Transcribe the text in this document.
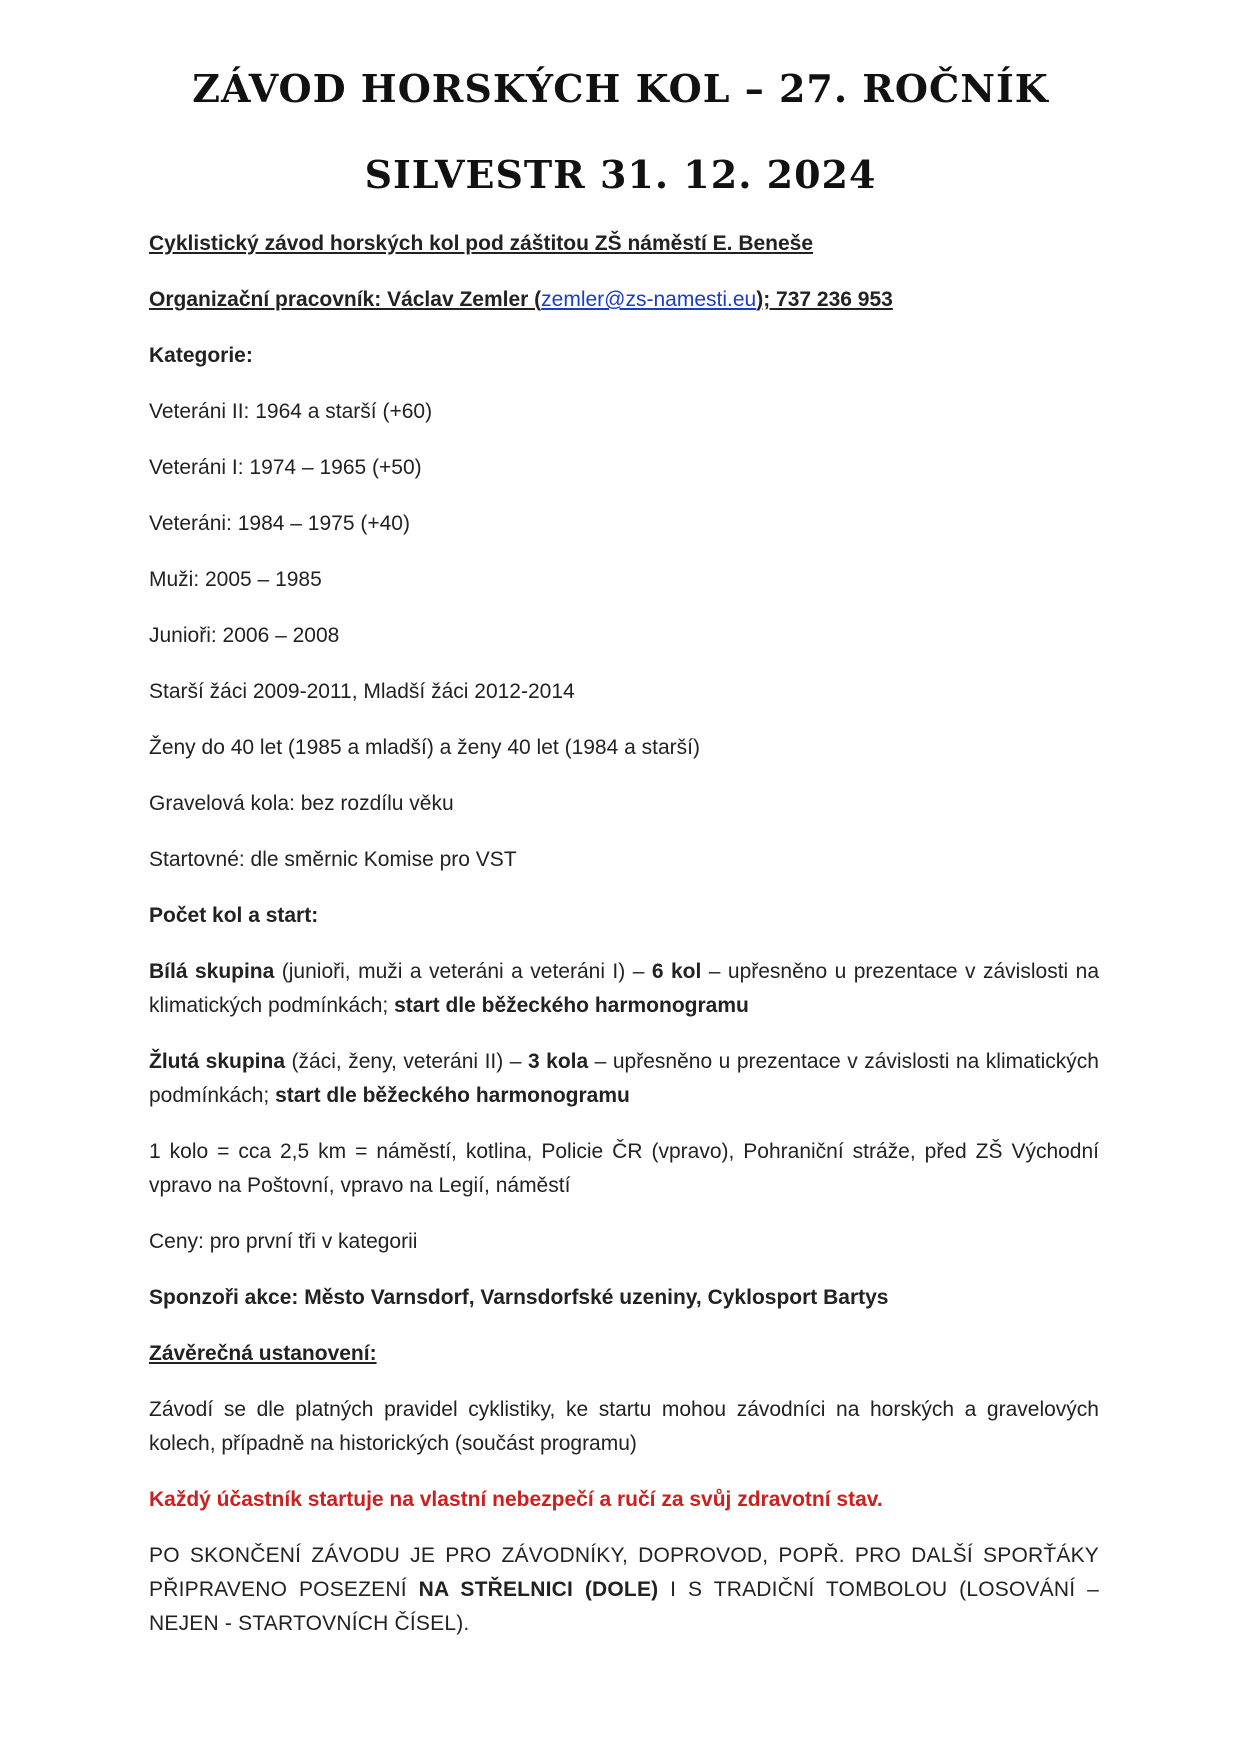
ZÁVOD HORSKÝCH KOL – 27. ROČNÍK
SILVESTR 31. 12. 2024

Cyklistický závod horských kol pod záštitou ZŠ náměstí E. Beneše

Organizační pracovník: Václav Zemler (zemler@zs-namesti.eu); 737 236 953

Kategorie:

Veteráni II: 1964 a starší (+60)

Veteráni I: 1974 – 1965 (+50)

Veteráni: 1984 – 1975 (+40)

Muži: 2005 – 1985

Junioři: 2006 – 2008

Starší žáci 2009-2011, Mladší žáci 2012-2014

Ženy do 40 let (1985 a mladší) a ženy 40 let (1984 a starší)

Gravelová kola: bez rozdílu věku

Startovné: dle směrnic Komise pro VST

Počet kol a start:

Bílá skupina (junioři, muži a veteráni a veteráni I) – 6 kol – upřesněno u prezentace v závislosti na klimatických podmínkách; start dle běžeckého harmonogramu

Žlutá skupina (žáci, ženy, veteráni II) – 3 kola – upřesněno u prezentace v závislosti na klimatických podmínkách; start dle běžeckého harmonogramu

1 kolo = cca 2,5 km = náměstí, kotlina, Policie ČR (vpravo), Pohraniční stráže, před ZŠ Východní vpravo na Poštovní, vpravo na Legií, náměstí

Ceny: pro první tři v kategorii

Sponzoři akce: Město Varnsdorf, Varnsdorfské uzeniny, Cyklosport Bartys

Závěrečná ustanovení:

Závodí se dle platných pravidel cyklistiky, ke startu mohou závodníci na horských a gravelových kolech, případně na historických (součást programu)

Každý účastník startuje na vlastní nebezpečí a ručí za svůj zdravotní stav.

PO SKONČENÍ ZÁVODU JE PRO ZÁVODNÍKY, DOPROVOD, POPŘ. PRO DALŠÍ SPORŤÁKY PŘIPRAVENO POSEZENÍ NA STŘELNICI (DOLE) I S TRADIČNÍ TOMBOLOU (LOSOVÁNÍ – NEJEN - STARTOVNÍCH ČÍSEL).
